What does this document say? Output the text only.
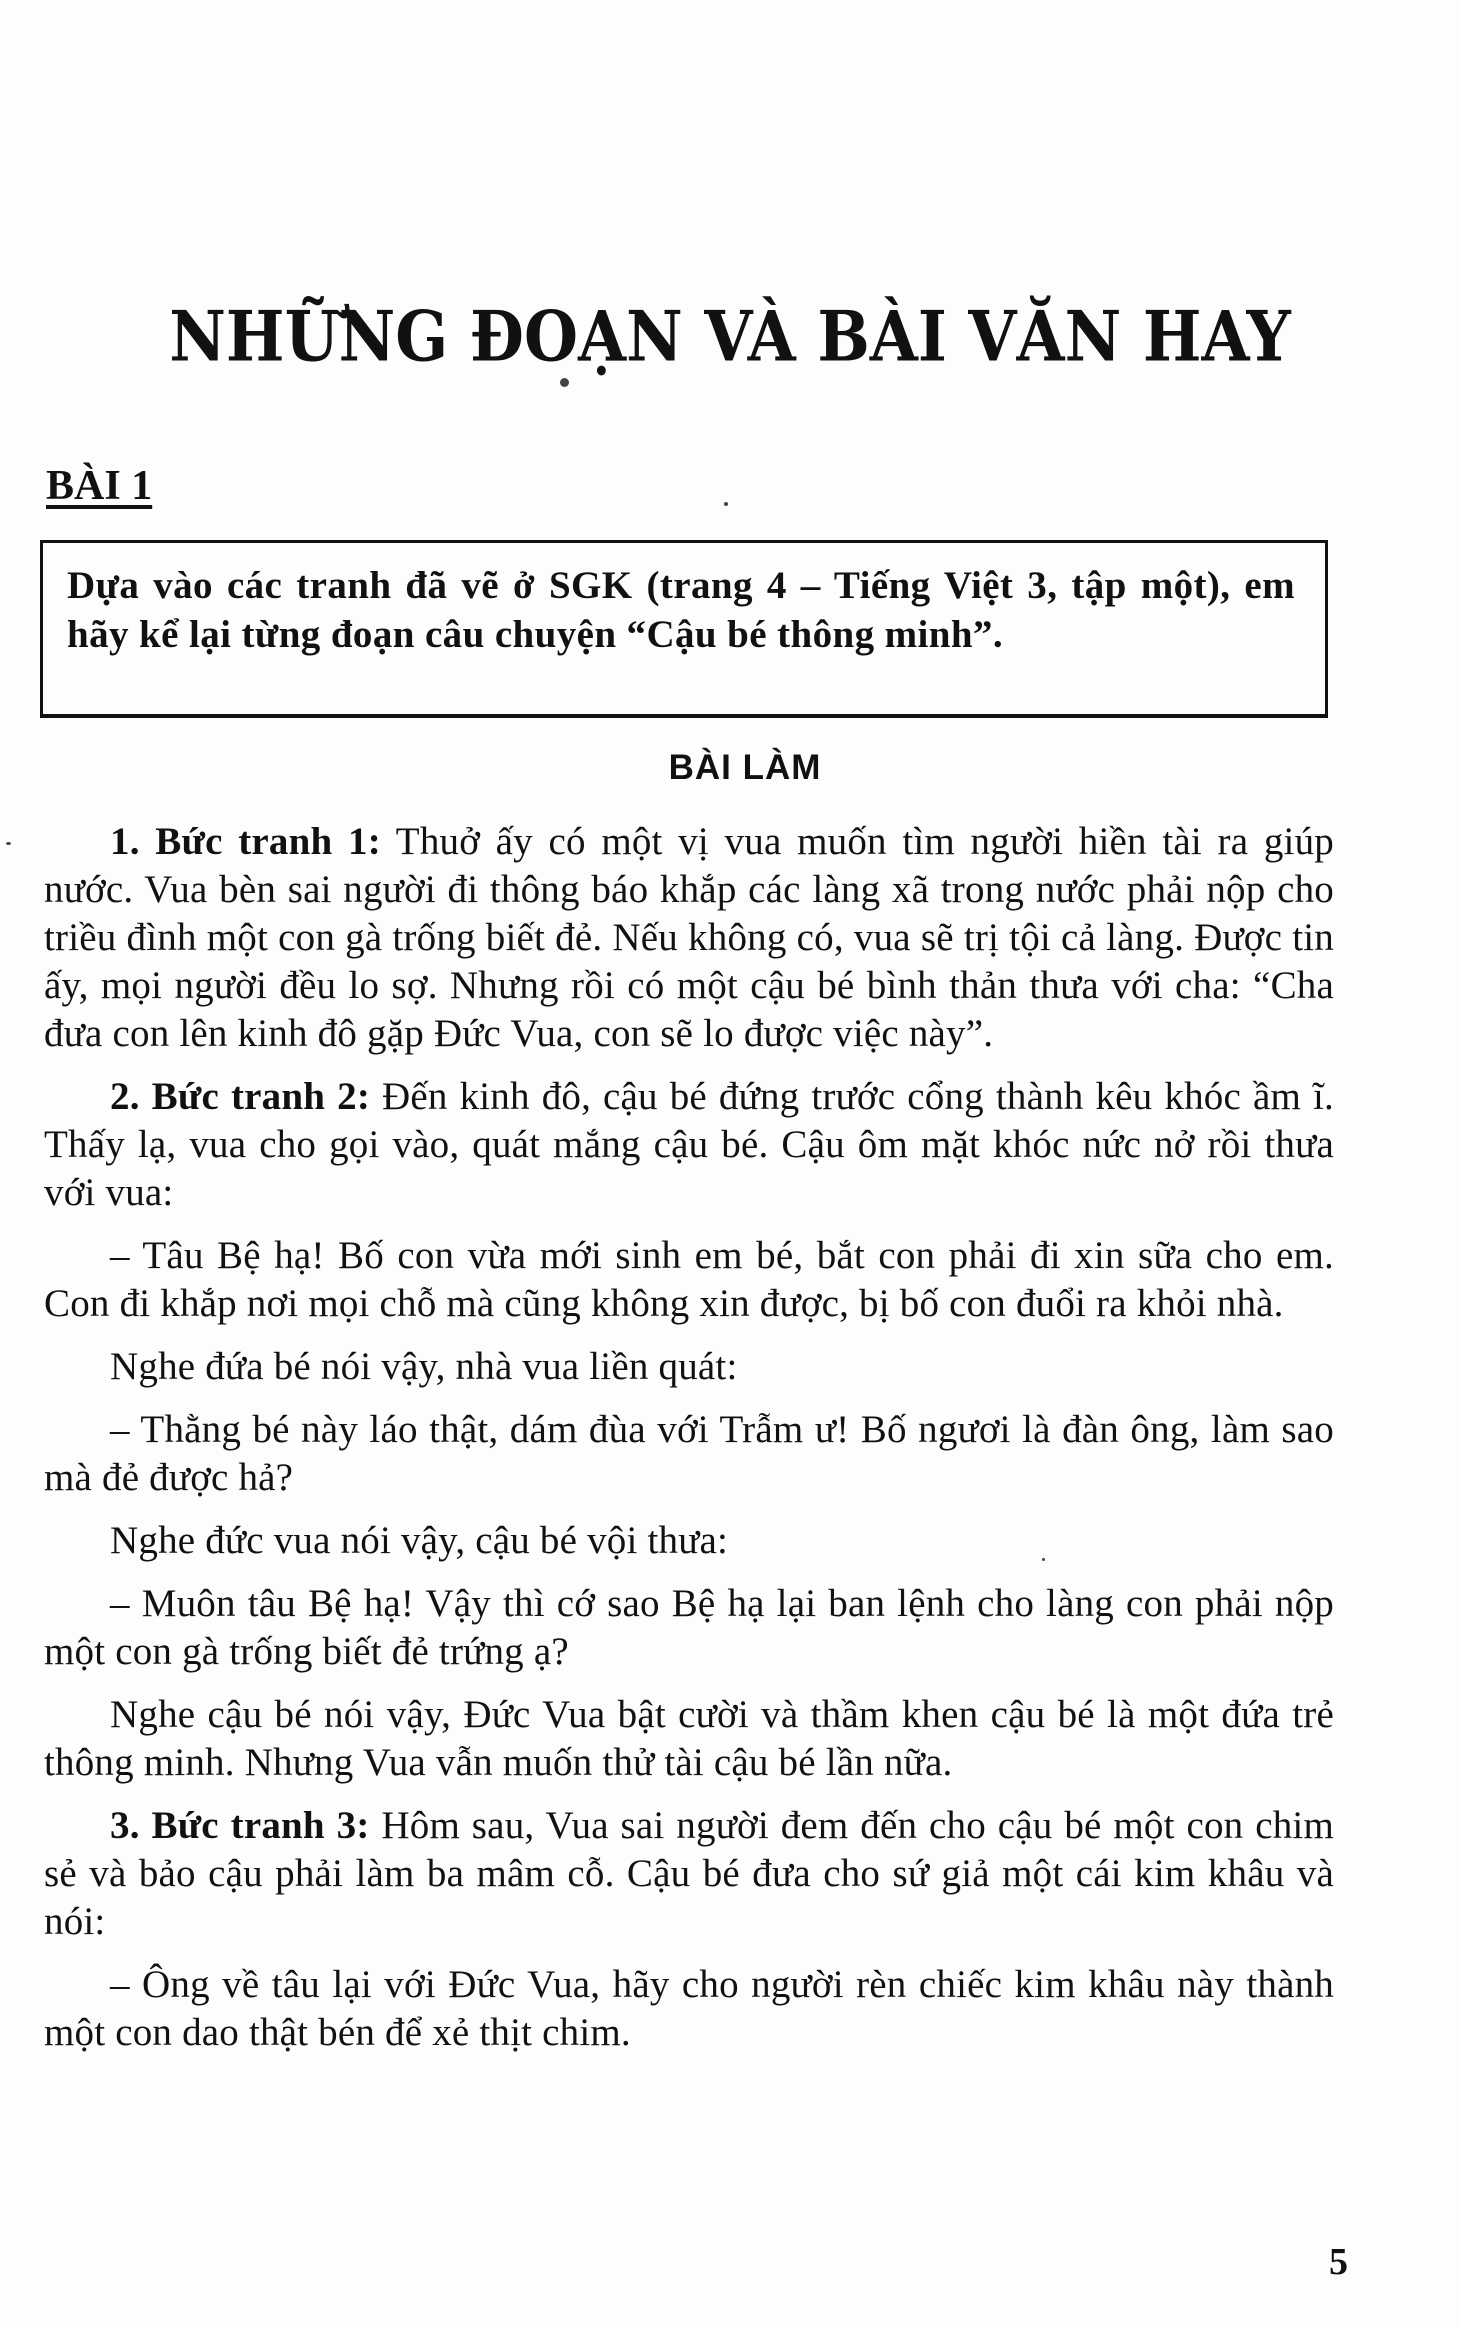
NHỮNG ĐOẠN VÀ BÀI VĂN HAY
BÀI 1
Dựa vào các tranh đã vẽ ở SGK (trang 4 – Tiếng Việt 3, tập một), em hãy kể lại từng đoạn câu chuyện “Cậu bé thông minh”.
BÀI LÀM

1. Bức tranh 1: Thuở ấy có một vị vua muốn tìm người hiền tài ra giúp nước. Vua bèn sai người đi thông báo khắp các làng xã trong nước phải nộp cho triều đình một con gà trống biết đẻ. Nếu không có, vua sẽ trị tội cả làng. Được tin ấy, mọi người đều lo sợ. Nhưng rồi có một cậu bé bình thản thưa với cha: “Cha đưa con lên kinh đô gặp Đức Vua, con sẽ lo được việc này”.

2. Bức tranh 2: Đến kinh đô, cậu bé đứng trước cổng thành kêu khóc ầm ĩ. Thấy lạ, vua cho gọi vào, quát mắng cậu bé. Cậu ôm mặt khóc nức nở rồi thưa với vua:

– Tâu Bệ hạ! Bố con vừa mới sinh em bé, bắt con phải đi xin sữa cho em. Con đi khắp nơi mọi chỗ mà cũng không xin được, bị bố con đuổi ra khỏi nhà.

Nghe đứa bé nói vậy, nhà vua liền quát:

– Thằng bé này láo thật, dám đùa với Trẫm ư! Bố ngươi là đàn ông, làm sao mà đẻ được hả?

Nghe đức vua nói vậy, cậu bé vội thưa:

– Muôn tâu Bệ hạ! Vậy thì cớ sao Bệ hạ lại ban lệnh cho làng con phải nộp một con gà trống biết đẻ trứng ạ?

Nghe cậu bé nói vậy, Đức Vua bật cười và thầm khen cậu bé là một đứa trẻ thông minh. Nhưng Vua vẫn muốn thử tài cậu bé lần nữa.

3. Bức tranh 3: Hôm sau, Vua sai người đem đến cho cậu bé một con chim sẻ và bảo cậu phải làm ba mâm cỗ. Cậu bé đưa cho sứ giả một cái kim khâu và nói:

– Ông về tâu lại với Đức Vua, hãy cho người rèn chiếc kim khâu này thành một con dao thật bén để xẻ thịt chim.

5
